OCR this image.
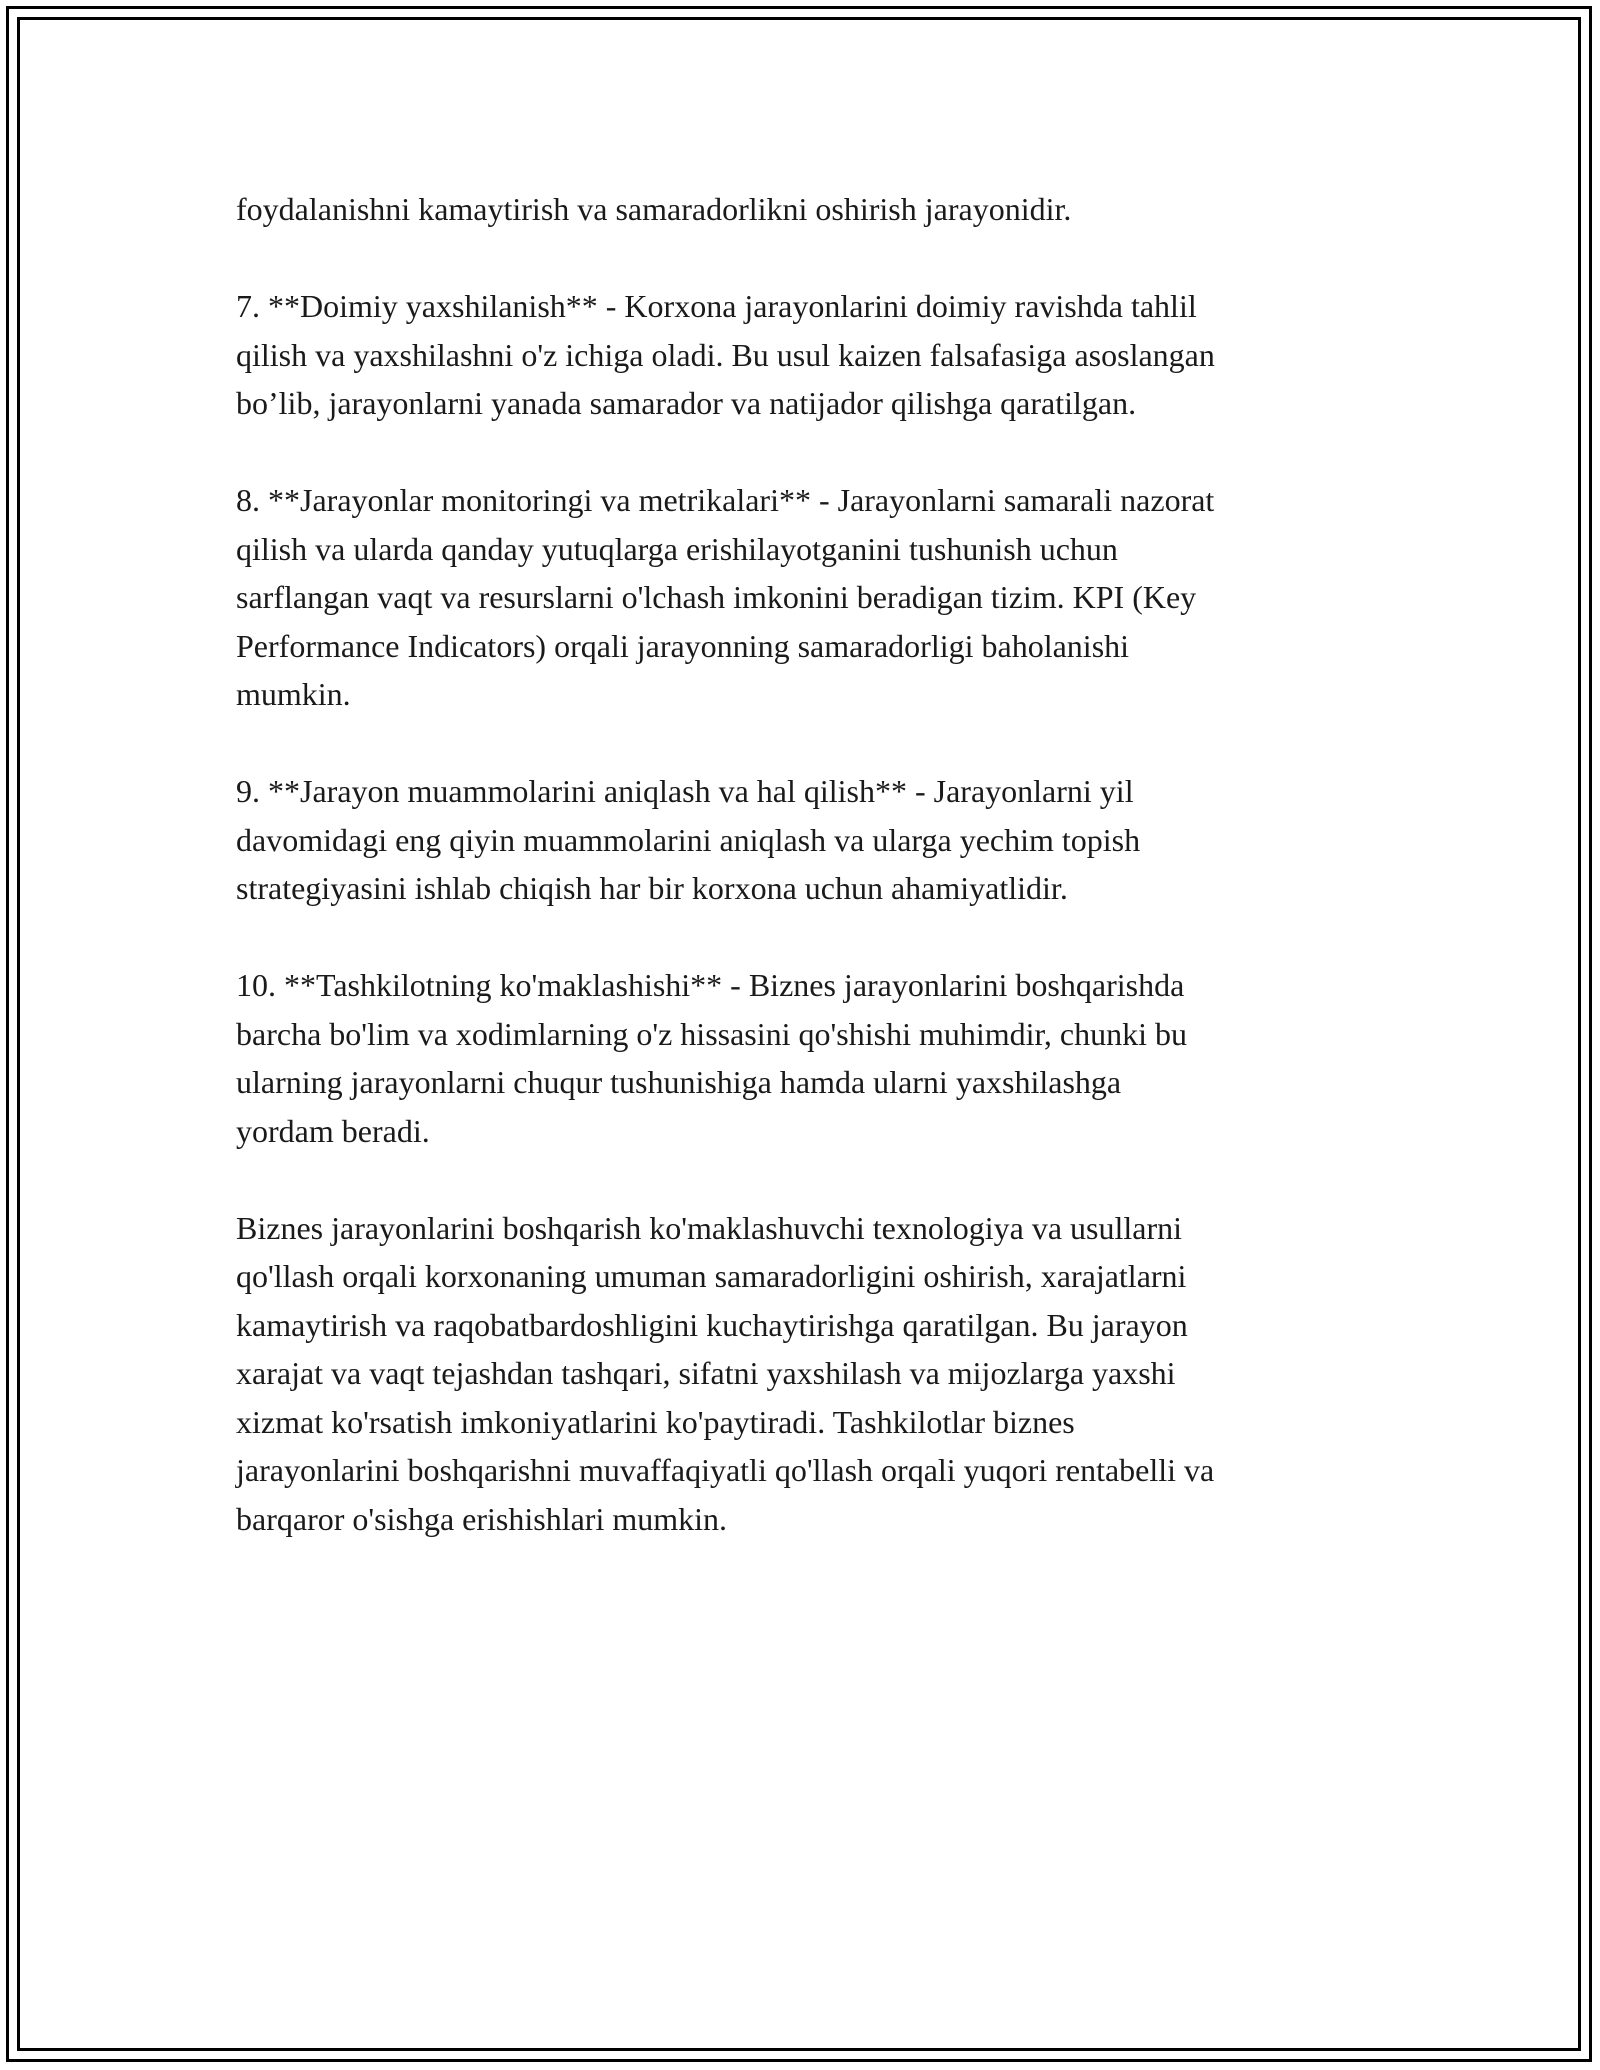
foydalanishni kamaytirish va samaradorlikni oshirish jarayonidir.

7. **Doimiy yaxshilanish** - Korxona jarayonlarini doimiy ravishda tahlil
qilish va yaxshilashni o'z ichiga oladi. Bu usul kaizen falsafasiga asoslangan
bo’lib, jarayonlarni yanada samarador va natijador qilishga qaratilgan.

8. **Jarayonlar monitoringi va metrikalari** - Jarayonlarni samarali nazorat
qilish va ularda qanday yutuqlarga erishilayotganini tushunish uchun
sarflangan vaqt va resurslarni o'lchash imkonini beradigan tizim. KPI (Key
Performance Indicators) orqali jarayonning samaradorligi baholanishi
mumkin.

9. **Jarayon muammolarini aniqlash va hal qilish** - Jarayonlarni yil
davomidagi eng qiyin muammolarini aniqlash va ularga yechim topish
strategiyasini ishlab chiqish har bir korxona uchun ahamiyatlidir.

10. **Tashkilotning ko'maklashishi** - Biznes jarayonlarini boshqarishda
barcha bo'lim va xodimlarning o'z hissasini qo'shishi muhimdir, chunki bu
ularning jarayonlarni chuqur tushunishiga hamda ularni yaxshilashga
yordam beradi.

Biznes jarayonlarini boshqarish ko'maklashuvchi texnologiya va usullarni
qo'llash orqali korxonaning umuman samaradorligini oshirish, xarajatlarni
kamaytirish va raqobatbardoshligini kuchaytirishga qaratilgan. Bu jarayon
xarajat va vaqt tejashdan tashqari, sifatni yaxshilash va mijozlarga yaxshi
xizmat ko'rsatish imkoniyatlarini ko'paytiradi. Tashkilotlar biznes
jarayonlarini boshqarishni muvaffaqiyatli qo'llash orqali yuqori rentabelli va
barqaror o'sishga erishishlari mumkin.
